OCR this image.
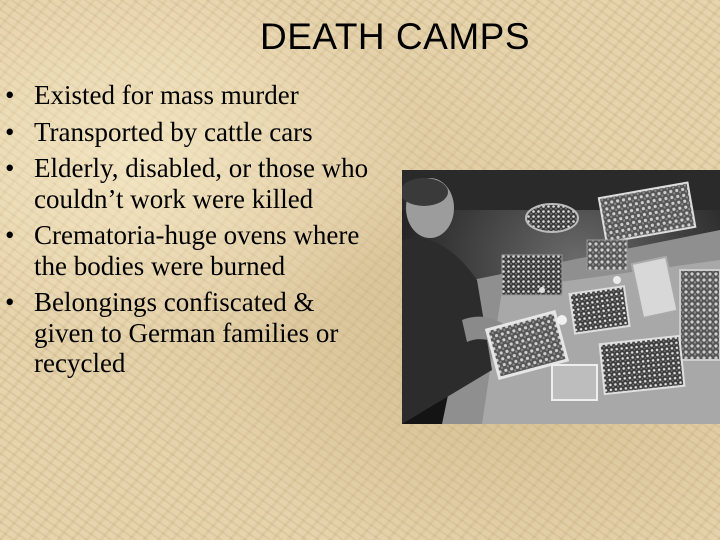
DEATH CAMPS
• Existed for mass murder
• Transported by cattle cars
• Elderly, disabled, or those who couldn’t work were killed
• Crematoria-huge ovens where the bodies were burned
• Belongings confiscated & given to German families or recycled
